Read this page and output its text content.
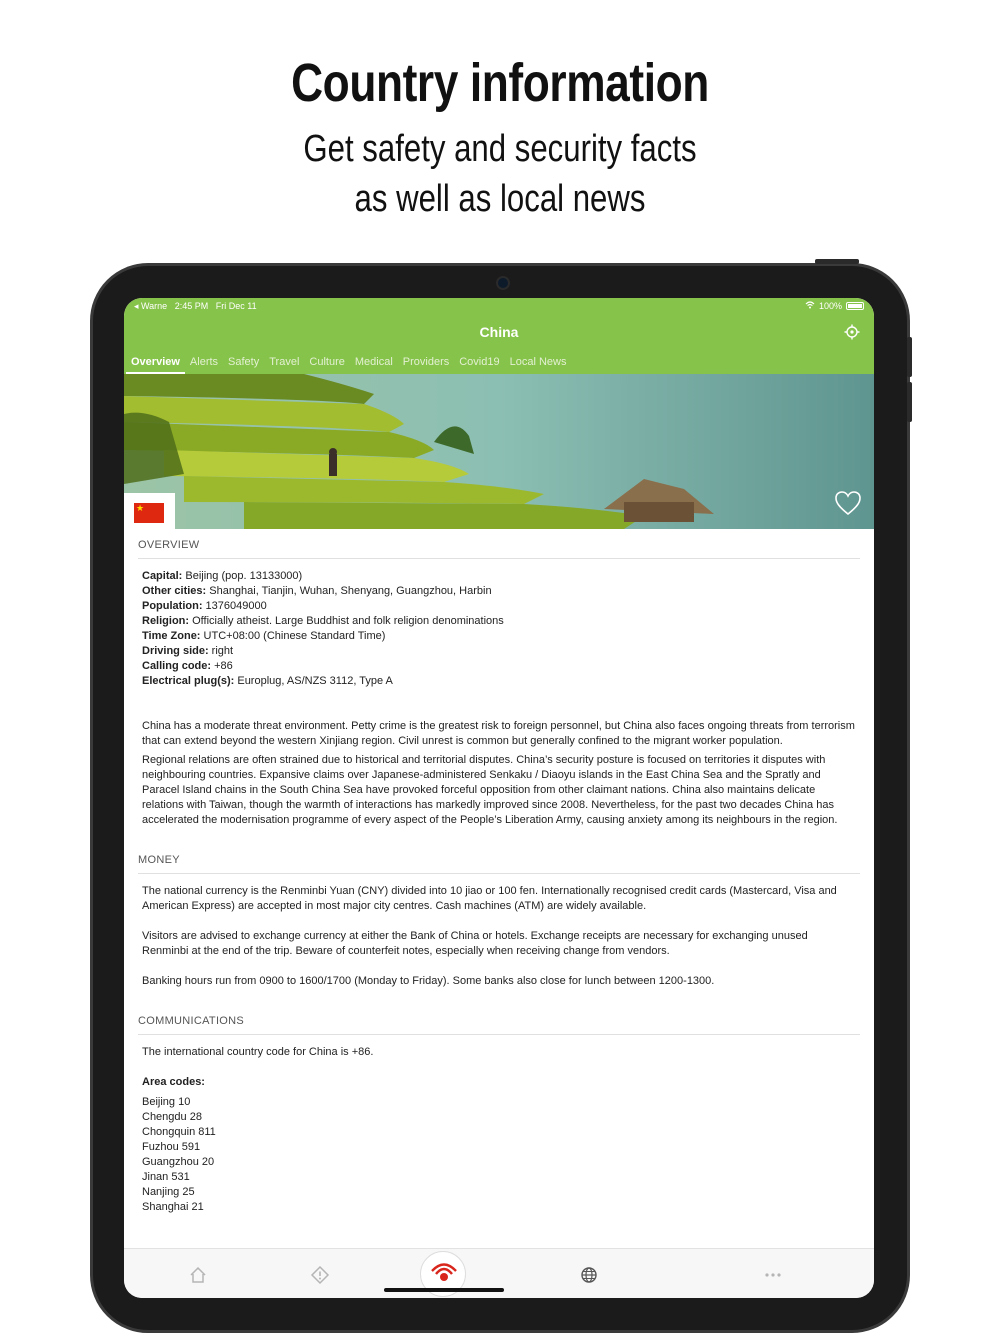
Country information
Get safety and security facts
as well as local news
◂ Warne 2:45 PM Fri Dec 11	100%
China
Overview Alerts Safety Travel Culture Medical Providers Covid19 Local News
★
OVERVIEW
Capital: Beijing (pop. 13133000)
Other cities: Shanghai, Tianjin, Wuhan, Shenyang, Guangzhou, Harbin
Population: 1376049000
Religion: Officially atheist. Large Buddhist and folk religion denominations
Time Zone: UTC+08:00 (Chinese Standard Time)
Driving side: right
Calling code: +86
Electrical plug(s): Europlug, AS/NZS 3112, Type A

China has a moderate threat environment. Petty crime is the greatest risk to foreign personnel, but China also faces ongoing threats from terrorism that can extend beyond the western Xinjiang region. Civil unrest is common but generally confined to the migrant worker population.

Regional relations are often strained due to historical and territorial disputes. China’s security posture is focused on territories it disputes with neighbouring countries. Expansive claims over Japanese-administered Senkaku / Diaoyu islands in the East China Sea and the Spratly and Paracel Island chains in the South China Sea have provoked forceful opposition from other claimant nations. China also maintains delicate relations with Taiwan, though the warmth of interactions has markedly improved since 2008. Nevertheless, for the past two decades China has accelerated the modernisation programme of every aspect of the People’s Liberation Army, causing anxiety among its neighbours in the region.

MONEY

The national currency is the Renminbi Yuan (CNY) divided into 10 jiao or 100 fen. Internationally recognised credit cards (Mastercard, Visa and American Express) are accepted in most major city centres. Cash machines (ATM) are widely available.

Visitors are advised to exchange currency at either the Bank of China or hotels. Exchange receipts are necessary for exchanging unused Renminbi at the end of the trip. Beware of counterfeit notes, especially when receiving change from vendors.

Banking hours run from 0900 to 1600/1700 (Monday to Friday). Some banks also close for lunch between 1200-1300.

COMMUNICATIONS

The international country code for China is +86.

Area codes:

Beijing 10
Chengdu 28
Chongquin 811
Fuzhou 591
Guangzhou 20
Jinan 531
Nanjing 25
Shanghai 21
